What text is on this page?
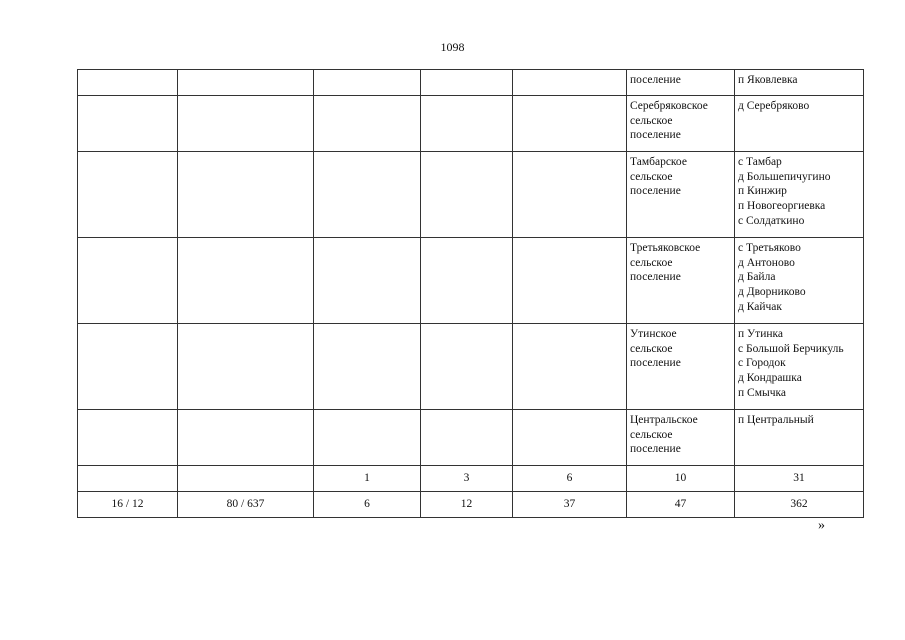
1098

					поселение	п Яковлевка

					Серебряковское
сельское
поселение	д Серебряково

					Тамбарское
сельское
поселение	с Тамбар
д Большепичугино
п Кинжир
п Новогеоргиевка
с Солдаткино

					Третьяковское
сельское
поселение	с Третьяково
д Антоново
д Байла
д Дворниково
д Кайчак

					Утинское
сельское
поселение	п Утинка
с Большой Берчикуль
с Городок
д Кондрашка
п Смычка

					Центральское
сельское
поселение	п Центральный

		1	3	6	10	31
16 / 12	80 / 637	6	12	37	47	362
»
